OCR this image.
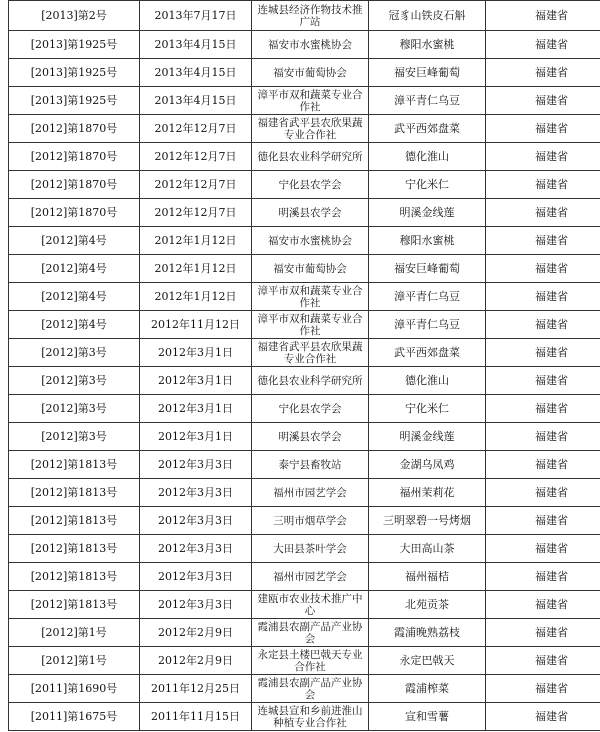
[2013]第2号	2013年7月17日	连城县经济作物技术推广站	冠豸山铁皮石斛	福建省
[2013]第1925号	2013年4月15日	福安市水蜜桃协会	穆阳水蜜桃	福建省
[2013]第1925号	2013年4月15日	福安市葡萄协会	福安巨峰葡萄	福建省
[2013]第1925号	2013年4月15日	漳平市双和蔬菜专业合作社	漳平青仁乌豆	福建省
[2012]第1870号	2012年12月7日	福建省武平县农欣果蔬专业合作社	武平西郊盘菜	福建省
[2012]第1870号	2012年12月7日	德化县农业科学研究所	德化淮山	福建省
[2012]第1870号	2012年12月7日	宁化县农学会	宁化米仁	福建省
[2012]第1870号	2012年12月7日	明溪县农学会	明溪金线莲	福建省
[2012]第4号	2012年1月12日	福安市水蜜桃协会	穆阳水蜜桃	福建省
[2012]第4号	2012年1月12日	福安市葡萄协会	福安巨峰葡萄	福建省
[2012]第4号	2012年1月12日	漳平市双和蔬菜专业合作社	漳平青仁乌豆	福建省
[2012]第4号	2012年11月12日	漳平市双和蔬菜专业合作社	漳平青仁乌豆	福建省
[2012]第3号	2012年3月1日	福建省武平县农欣果蔬专业合作社	武平西郊盘菜	福建省
[2012]第3号	2012年3月1日	德化县农业科学研究所	德化淮山	福建省
[2012]第3号	2012年3月1日	宁化县农学会	宁化米仁	福建省
[2012]第3号	2012年3月1日	明溪县农学会	明溪金线莲	福建省
[2012]第1813号	2012年3月3日	泰宁县畜牧站	金湖乌凤鸡	福建省
[2012]第1813号	2012年3月3日	福州市园艺学会	福州茉莉花	福建省
[2012]第1813号	2012年3月3日	三明市烟草学会	三明翠碧一号烤烟	福建省
[2012]第1813号	2012年3月3日	大田县茶叶学会	大田高山茶	福建省
[2012]第1813号	2012年3月3日	福州市园艺学会	福州福桔	福建省
[2012]第1813号	2012年3月3日	建瓯市农业技术推广中心	北苑贡茶	福建省
[2012]第1号	2012年2月9日	霞浦县农副产品产业协会	霞浦晚熟荔枝	福建省
[2012]第1号	2012年2月9日	永定县土楼巴戟天专业合作社	永定巴戟天	福建省
[2011]第1690号	2011年12月25日	霞浦县农副产品产业协会	霞浦榨菜	福建省
[2011]第1675号	2011年11月15日	连城县宣和乡前进淮山种植专业合作社	宣和雪薯	福建省
